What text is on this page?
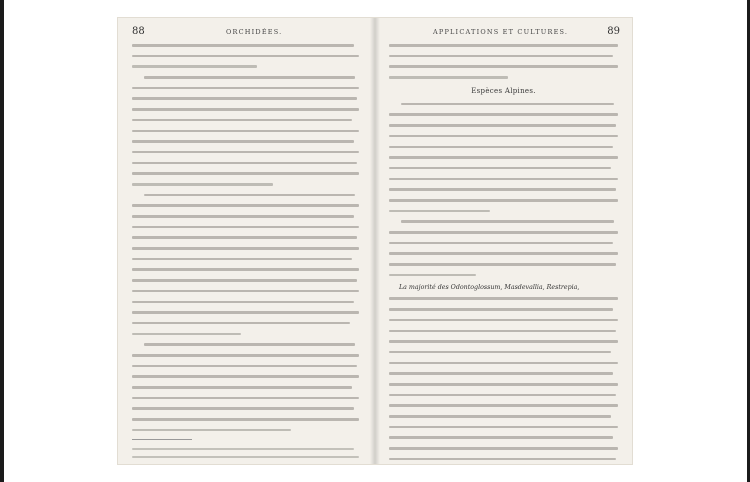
88	ORCHIDÉES.	APPLICATIONS ET CULTURES.	89
Espèces Alpines.
La majorité des Odontoglossum, Masdevallia, Restrepia,
